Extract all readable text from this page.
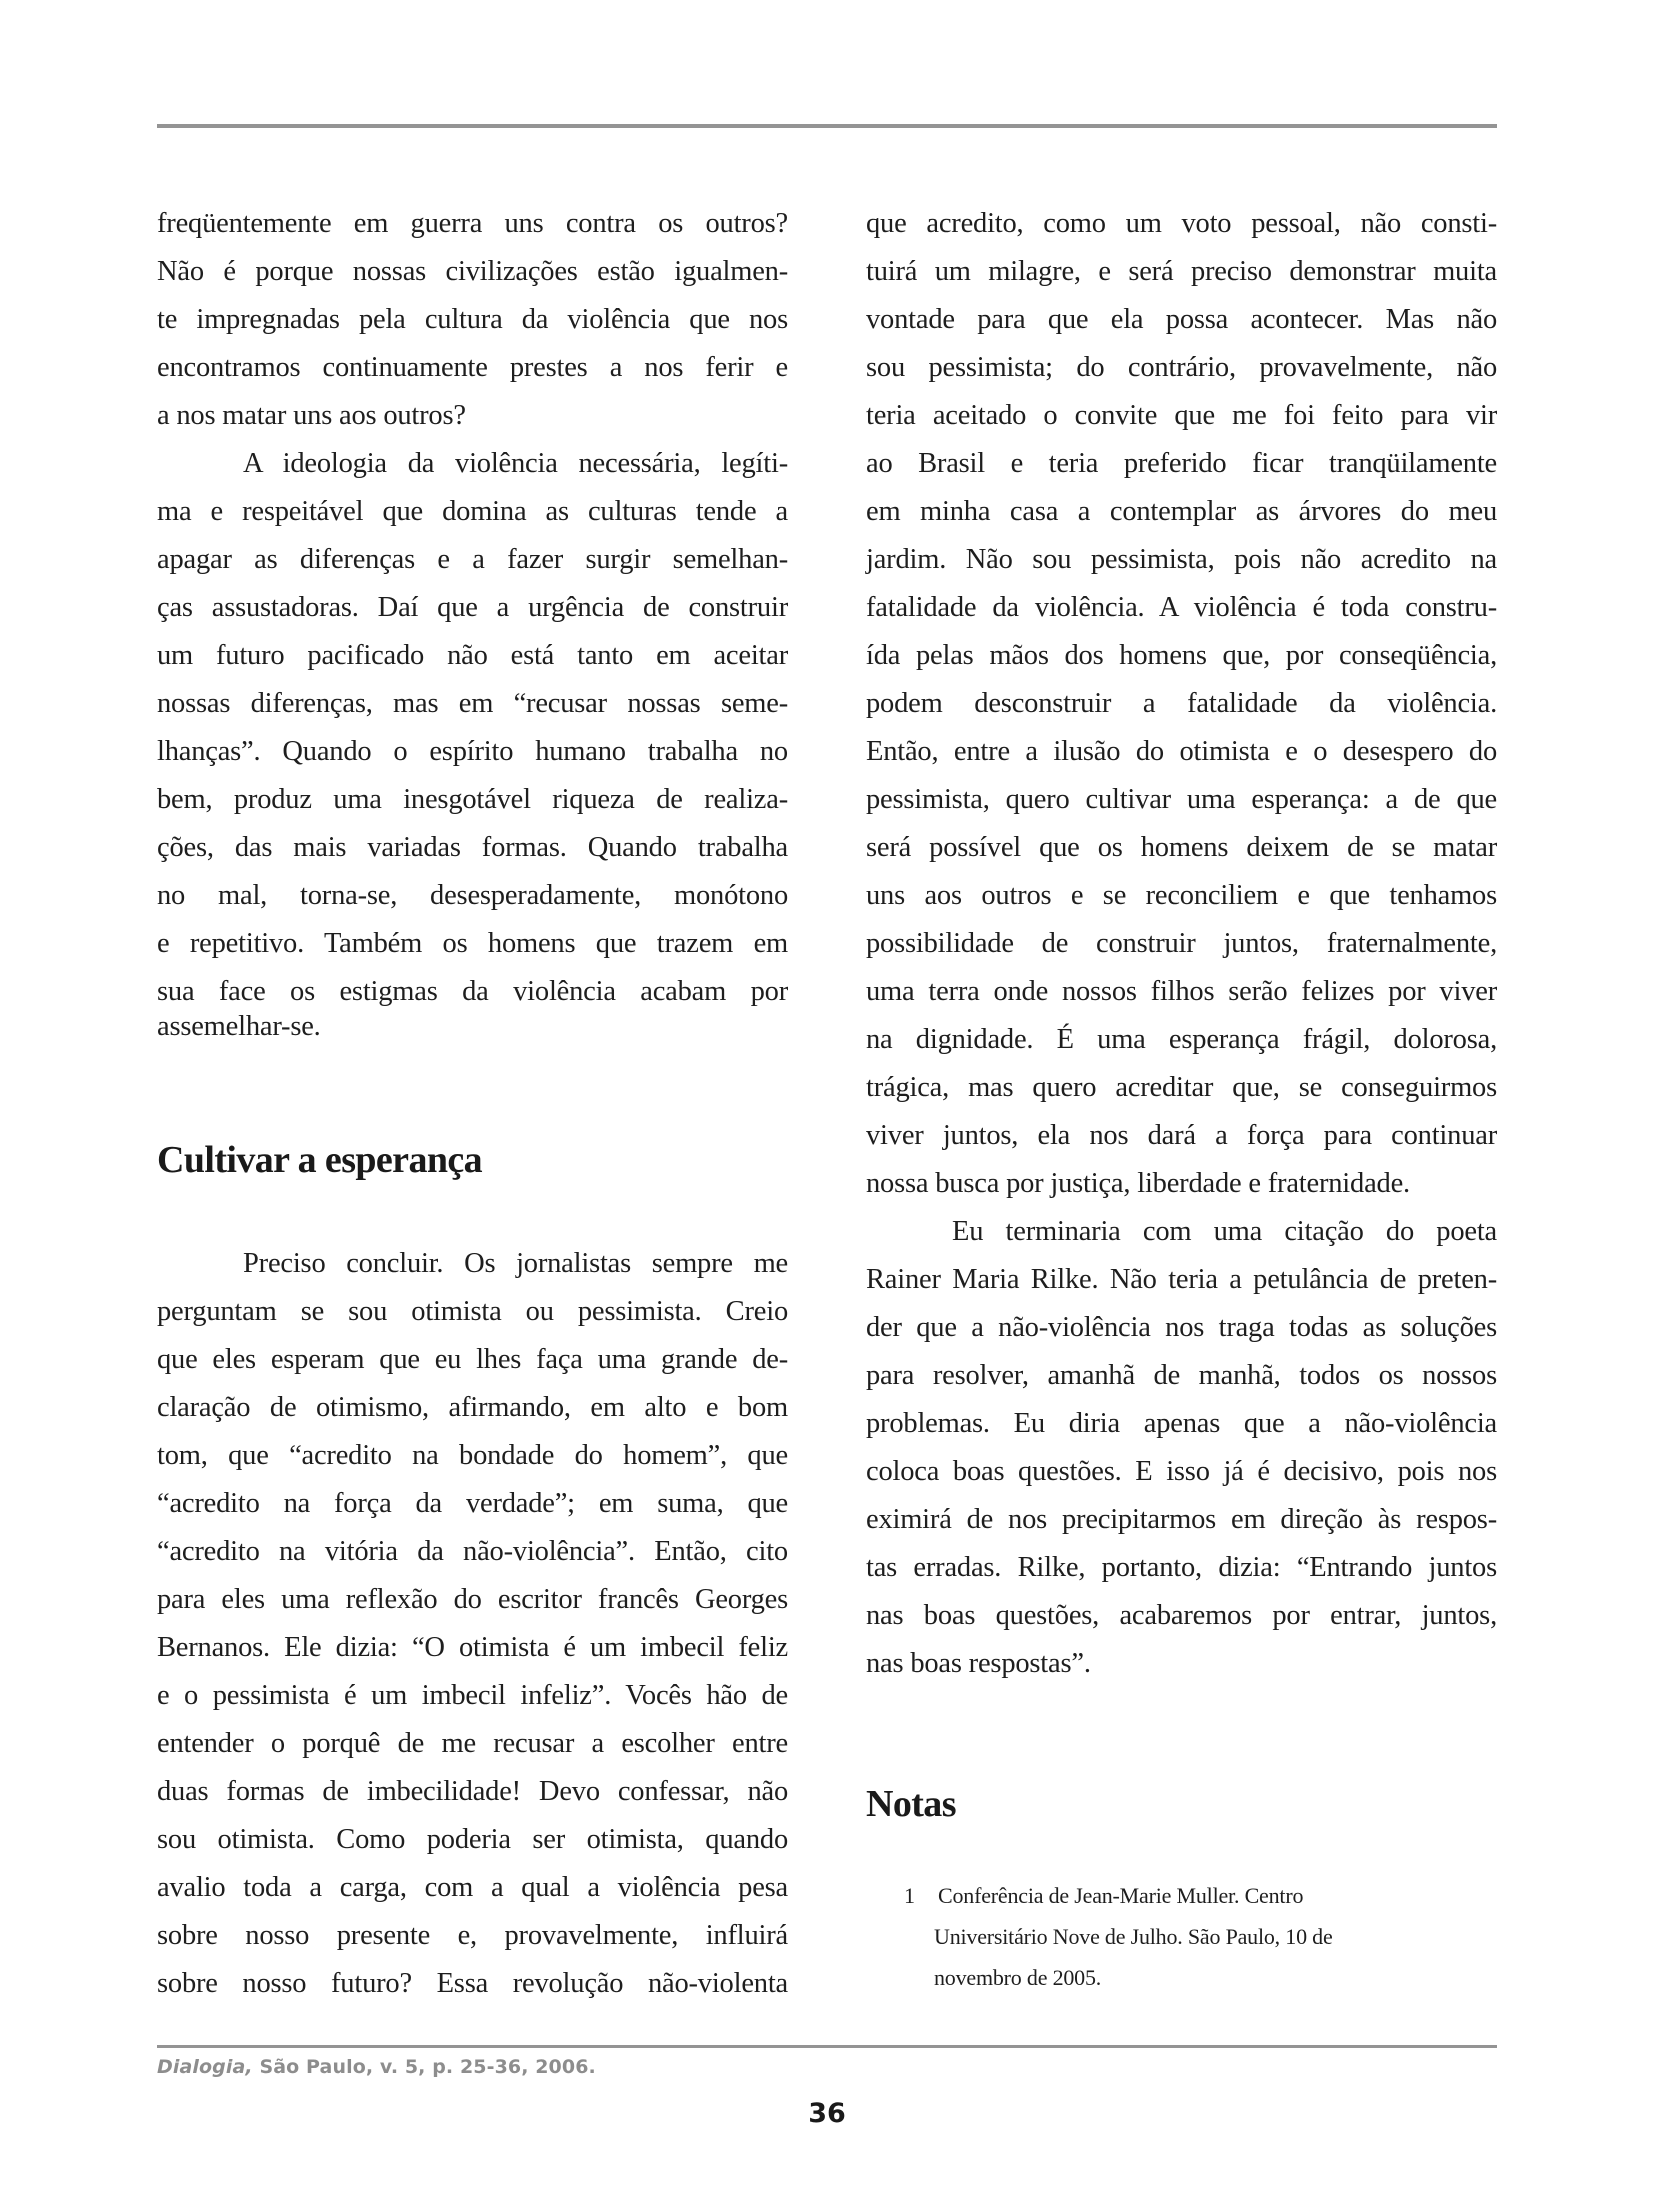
freqüentemente em guerra uns contra os outros?
Não é porque nossas civilizações estão igualmen-
te impregnadas pela cultura da violência que nos
encontramos continuamente prestes a nos ferir e
a nos matar uns aos outros?
A ideologia da violência necessária, legíti-
ma e respeitável que domina as culturas tende a
apagar as diferenças e a fazer surgir semelhan-
ças assustadoras. Daí que a urgência de construir
um futuro pacificado não está tanto em aceitar
nossas diferenças, mas em “recusar nossas seme-
lhanças”. Quando o espírito humano trabalha no
bem, produz uma inesgotável riqueza de realiza-
ções, das mais variadas formas. Quando trabalha
no mal, torna-se, desesperadamente, monótono
e repetitivo. Também os homens que trazem em
sua face os estigmas da violência acabam por
assemelhar-se.
Cultivar a esperança
Preciso concluir. Os jornalistas sempre me
perguntam se sou otimista ou pessimista. Creio
que eles esperam que eu lhes faça uma grande de-
claração de otimismo, afirmando, em alto e bom
tom, que “acredito na bondade do homem”, que
“acredito na força da verdade”; em suma, que
“acredito na vitória da não-violência”. Então, cito
para eles uma reflexão do escritor francês Georges
Bernanos. Ele dizia: “O otimista é um imbecil feliz
e o pessimista é um imbecil infeliz”. Vocês hão de
entender o porquê de me recusar a escolher entre
duas formas de imbecilidade! Devo confessar, não
sou otimista. Como poderia ser otimista, quando
avalio toda a carga, com a qual a violência pesa
sobre nosso presente e, provavelmente, influirá
sobre nosso futuro? Essa revolução não-violenta
que acredito, como um voto pessoal, não consti-
tuirá um milagre, e será preciso demonstrar muita
vontade para que ela possa acontecer. Mas não
sou pessimista; do contrário, provavelmente, não
teria aceitado o convite que me foi feito para vir
ao Brasil e teria preferido ficar tranqüilamente
em minha casa a contemplar as árvores do meu
jardim. Não sou pessimista, pois não acredito na
fatalidade da violência. A violência é toda constru-
ída pelas mãos dos homens que, por conseqüência,
podem desconstruir a fatalidade da violência.
Então, entre a ilusão do otimista e o desespero do
pessimista, quero cultivar uma esperança: a de que
será possível que os homens deixem de se matar
uns aos outros e se reconciliem e que tenhamos
possibilidade de construir juntos, fraternalmente,
uma terra onde nossos filhos serão felizes por viver
na dignidade. É uma esperança frágil, dolorosa,
trágica, mas quero acreditar que, se conseguirmos
viver juntos, ela nos dará a força para continuar
nossa busca por justiça, liberdade e fraternidade.
Eu terminaria com uma citação do poeta
Rainer Maria Rilke. Não teria a petulância de preten-
der que a não-violência nos traga todas as soluções
para resolver, amanhã de manhã, todos os nossos
problemas. Eu diria apenas que a não-violência
coloca boas questões. E isso já é decisivo, pois nos
eximirá de nos precipitarmos em direção às respos-
tas erradas. Rilke, portanto, dizia: “Entrando juntos
nas boas questões, acabaremos por entrar, juntos,
nas boas respostas”.
Notas
1 Conferência de Jean-Marie Muller. Centro
Universitário Nove de Julho. São Paulo, 10 de
novembro de 2005.
Dialogia, São Paulo, v. 5, p. 25-36, 2006.
36
